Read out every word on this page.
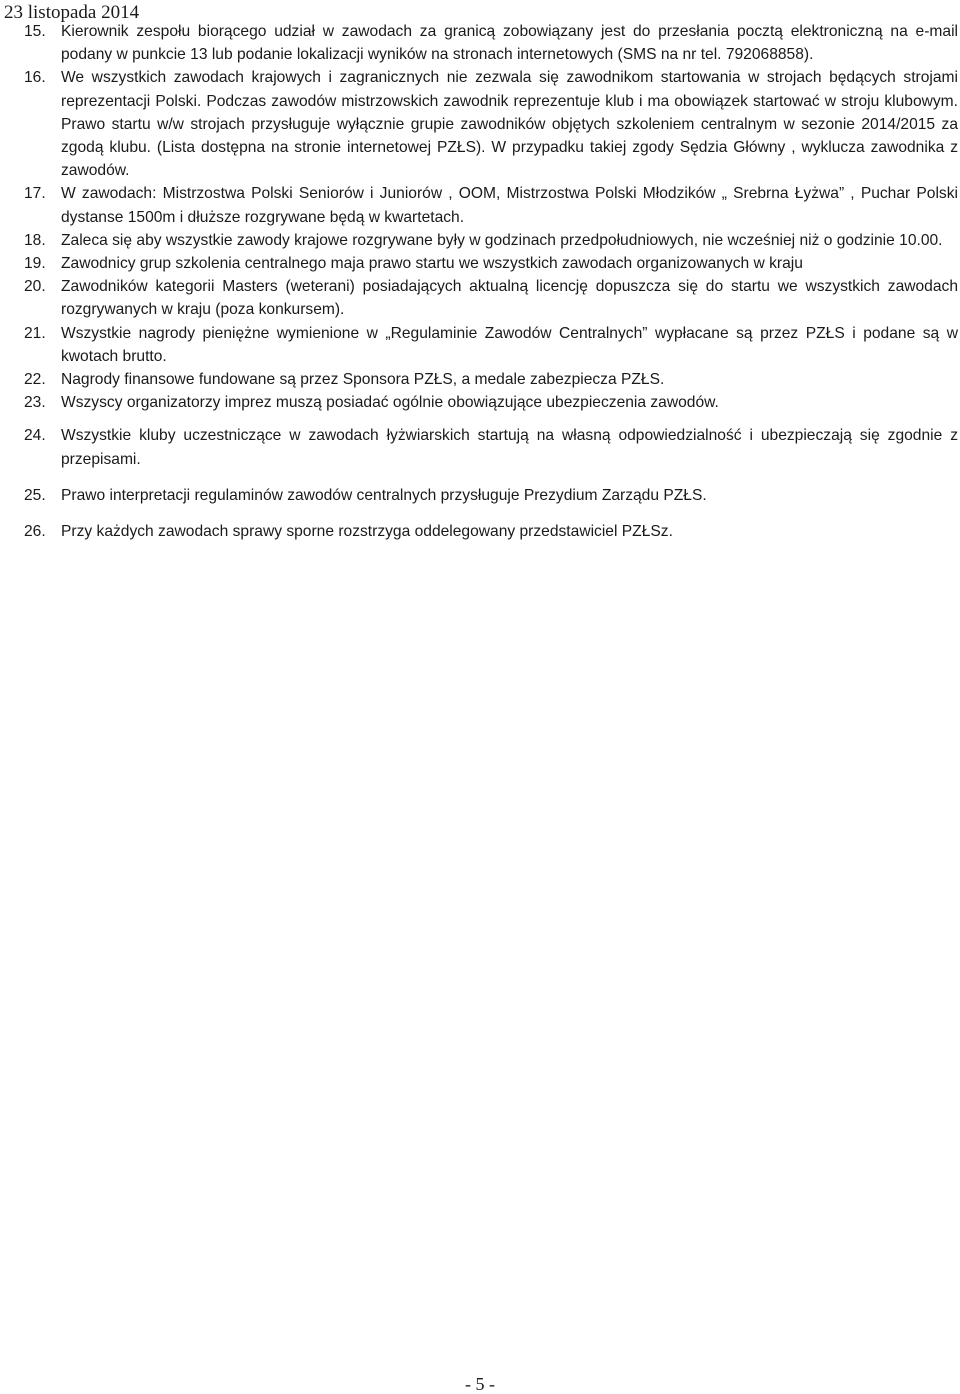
23 listopada 2014
15. Kierownik zespołu biorącego udział w zawodach za granicą zobowiązany jest do przesłania pocztą elektroniczną na e-mail podany w punkcie 13 lub podanie lokalizacji wyników na stronach internetowych (SMS na nr tel. 792068858).
16. We wszystkich zawodach krajowych i zagranicznych nie zezwala się zawodnikom startowania w strojach będących strojami reprezentacji Polski. Podczas zawodów mistrzowskich zawodnik reprezentuje klub i ma obowiązek startować w stroju klubowym. Prawo startu w/w strojach przysługuje wyłącznie grupie zawodników objętych szkoleniem centralnym w sezonie 2014/2015 za zgodą klubu. (Lista dostępna na stronie internetowej PZŁS). W przypadku takiej zgody Sędzia Główny , wyklucza zawodnika z zawodów.
17. W zawodach: Mistrzostwa Polski Seniorów i Juniorów , OOM, Mistrzostwa Polski Młodzików „ Srebrna Łyżwa” , Puchar Polski dystanse 1500m i dłuższe rozgrywane będą w kwartetach.
18. Zaleca się aby wszystkie zawody krajowe rozgrywane były w godzinach przedpołudniowych, nie wcześniej niż o godzinie 10.00.
19. Zawodnicy grup szkolenia centralnego maja prawo startu we wszystkich zawodach organizowanych w kraju
20. Zawodników kategorii Masters (weterani) posiadających aktualną licencję dopuszcza się do startu we wszystkich zawodach rozgrywanych w kraju (poza konkursem).
21. Wszystkie nagrody pieniężne wymienione w „Regulaminie Zawodów Centralnych” wypłacane są przez PZŁS i podane są w kwotach brutto.
22. Nagrody finansowe fundowane są przez Sponsora PZŁS, a medale zabezpiecza PZŁS.
23. Wszyscy organizatorzy imprez muszą posiadać ogólnie obowiązujące ubezpieczenia zawodów.
24. Wszystkie kluby uczestniczące w zawodach łyżwiarskich startują na własną odpowiedzialność i ubezpieczają się zgodnie z przepisami.
25. Prawo interpretacji regulaminów zawodów centralnych przysługuje Prezydium Zarządu PZŁS.
26. Przy każdych zawodach sprawy sporne rozstrzyga oddelegowany przedstawiciel PZŁSz.
- 5 -
